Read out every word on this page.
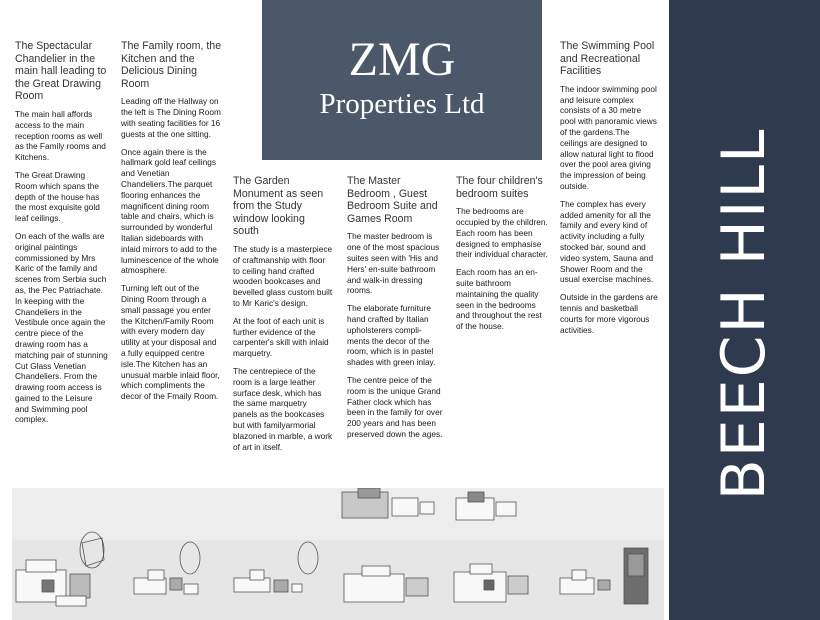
The Spectacular Chandelier in the main hall leading to the Great Drawing Room

The main hall affords access to the main reception rooms as well as the Family rooms and Kitchens.

The Great Drawing Room which spans the depth of the house has the most exquisite gold leaf ceilings.

On each of the walls are original paintings commissioned by Mrs Karic of the family and scenes from Serbia such as, the Pec Patriachate. In keeping with the Chandeliers in the Vestibule once again the centre piece of the drawing room has a matching pair of stunning Cut Glass Venetian Chandeliers. From the drawing room access is gained to the Leisure and Swimming pool complex.

The Family room, the Kitchen and the Delicious Dining Room

Leading off the Hallway on the left is The Dining Room with seating facilities for 16 guests at the one sitting.

Once again there is the hallmark gold leaf ceilings and Venetian Chandeliers.The parquet flooring enhances the magnificent dining room table and chairs, which is surrounded by wonderful Italian sideboards with inlaid mirrors to add to the luminescence of the whole atmosphere.

Turning left out of the Dining Room through a small passage you enter the Kitchen/Family Room with every modern day utility at your disposal and a fully equipped centre isle.The Kitchen has an unusual marble inlaid floor, which compliments the decor of the Fmaily Room.

ZMG
Properties Ltd
The Garden Monument as seen from the Study window looking south

The study is a masterpiece of craftmanship with floor to ceiling hand crafted wooden bookcases and bevelled glass custom built to Mr Karic's design.

At the foot of each unit is further evidence of the carpenter's skill with inlaid marquetry.

The centrepiece of the room is a large leather surface desk, which has the same marquetry panels as the bookcases but with familyarmorial blazoned in marble, a work of art in itself.

The Master Bedroom , Guest Bedroom Suite and Games Room

The master bedroom is one of the most spacious suites seen with 'His and Hers' en-suite bathroom and walk-in dressing rooms.

The elaborate furniture hand crafted by Italian upholsterers compli-ments the decor of the room, which is in pastel shades with green inlay.

The centre peice of the room is the unique Grand Father clock which has been in the family for over 200 years and has been preserved down the ages.

The four children's bedroom suites

The bedrooms are occupied by the children. Each room has been designed to emphasise their individual character.

Each room has an en-suite bathroom maintaining the quality seen in the bedrooms and throughout the rest of the house.

The Swimming Pool and Recreational Facilities

The indoor swimming pool and leisure complex consists of a 30 metre pool with panoramic views of the gardens.The ceilings are designed to allow natural light to flood over the pool area giving the impression of being outside.

The complex has every added amenity for all the family and every kind of activity including a fully stocked bar, sound and video system, Sauna and Shower Room and the usual exercise machines.

Outside in the gardens are tennis and basketball courts for more vigorous activities.	BEECH HILL
